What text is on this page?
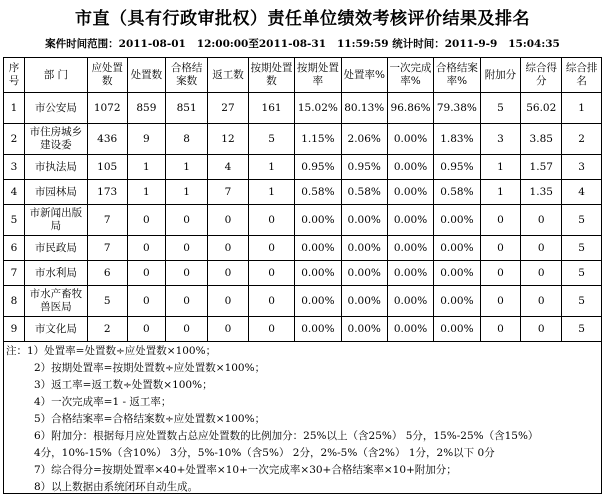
市直（具有行政审批权）责任单位绩效考核评价结果及排名
案件时间范围：2011-08-01   12:00:00至2011-08-31   11:59:59 统计时间：2011-9-9   15:04:35
序号	部 门	应处置数	处置数	合格结案数	返工数	按期处置数	按期处置率	处置率%	一次完成率%	合格结案率%	附加分	综合得分	综合排名
1	市公安局	1072	859	851	27	161	15.02%	80.13%	96.86%	79.38%	5	56.02	1
2	市住房城乡建设委	436	9	8	12	5	1.15%	2.06%	0.00%	1.83%	3	3.85	2
3	市执法局	105	1	1	4	1	0.95%	0.95%	0.00%	0.95%	1	1.57	3
4	市园林局	173	1	1	7	1	0.58%	0.58%	0.00%	0.58%	1	1.35	4
5	市新闻出版局	7	0	0	0	0	0.00%	0.00%	0.00%	0.00%	0	0	5
6	市民政局	7	0	0	0	0	0.00%	0.00%	0.00%	0.00%	0	0	5
7	市水利局	6	0	0	0	0	0.00%	0.00%	0.00%	0.00%	0	0	5
8	市水产畜牧兽医局	5	0	0	0	0	0.00%	0.00%	0.00%	0.00%	0	0	5
9	市文化局	2	0	0	0	0	0.00%	0.00%	0.00%	0.00%	0	0	5
注：1）处置率=处置数÷应处置数×100%；
2）按期处置率=按期处置数÷应处置数×100%；
3）返工率=返工数÷处置数×100%；
4）一次完成率=1 - 返工率；
5）合格结案率=合格结案数÷应处置数×100%；
6）附加分：根据每月应处置数占总应处置数的比例加分：25%以上（含25%） 5分，15%-25%（含15%）
4分，10%-15%（含10%） 3分，5%-10%（含5%） 2分，2%-5%（含2%） 1分，2%以下 0分
7）综合得分=按期处置率×40+处置率×10+一次完成率×30+合格结案率×10+附加分；
8）以上数据由系统闭环自动生成。
